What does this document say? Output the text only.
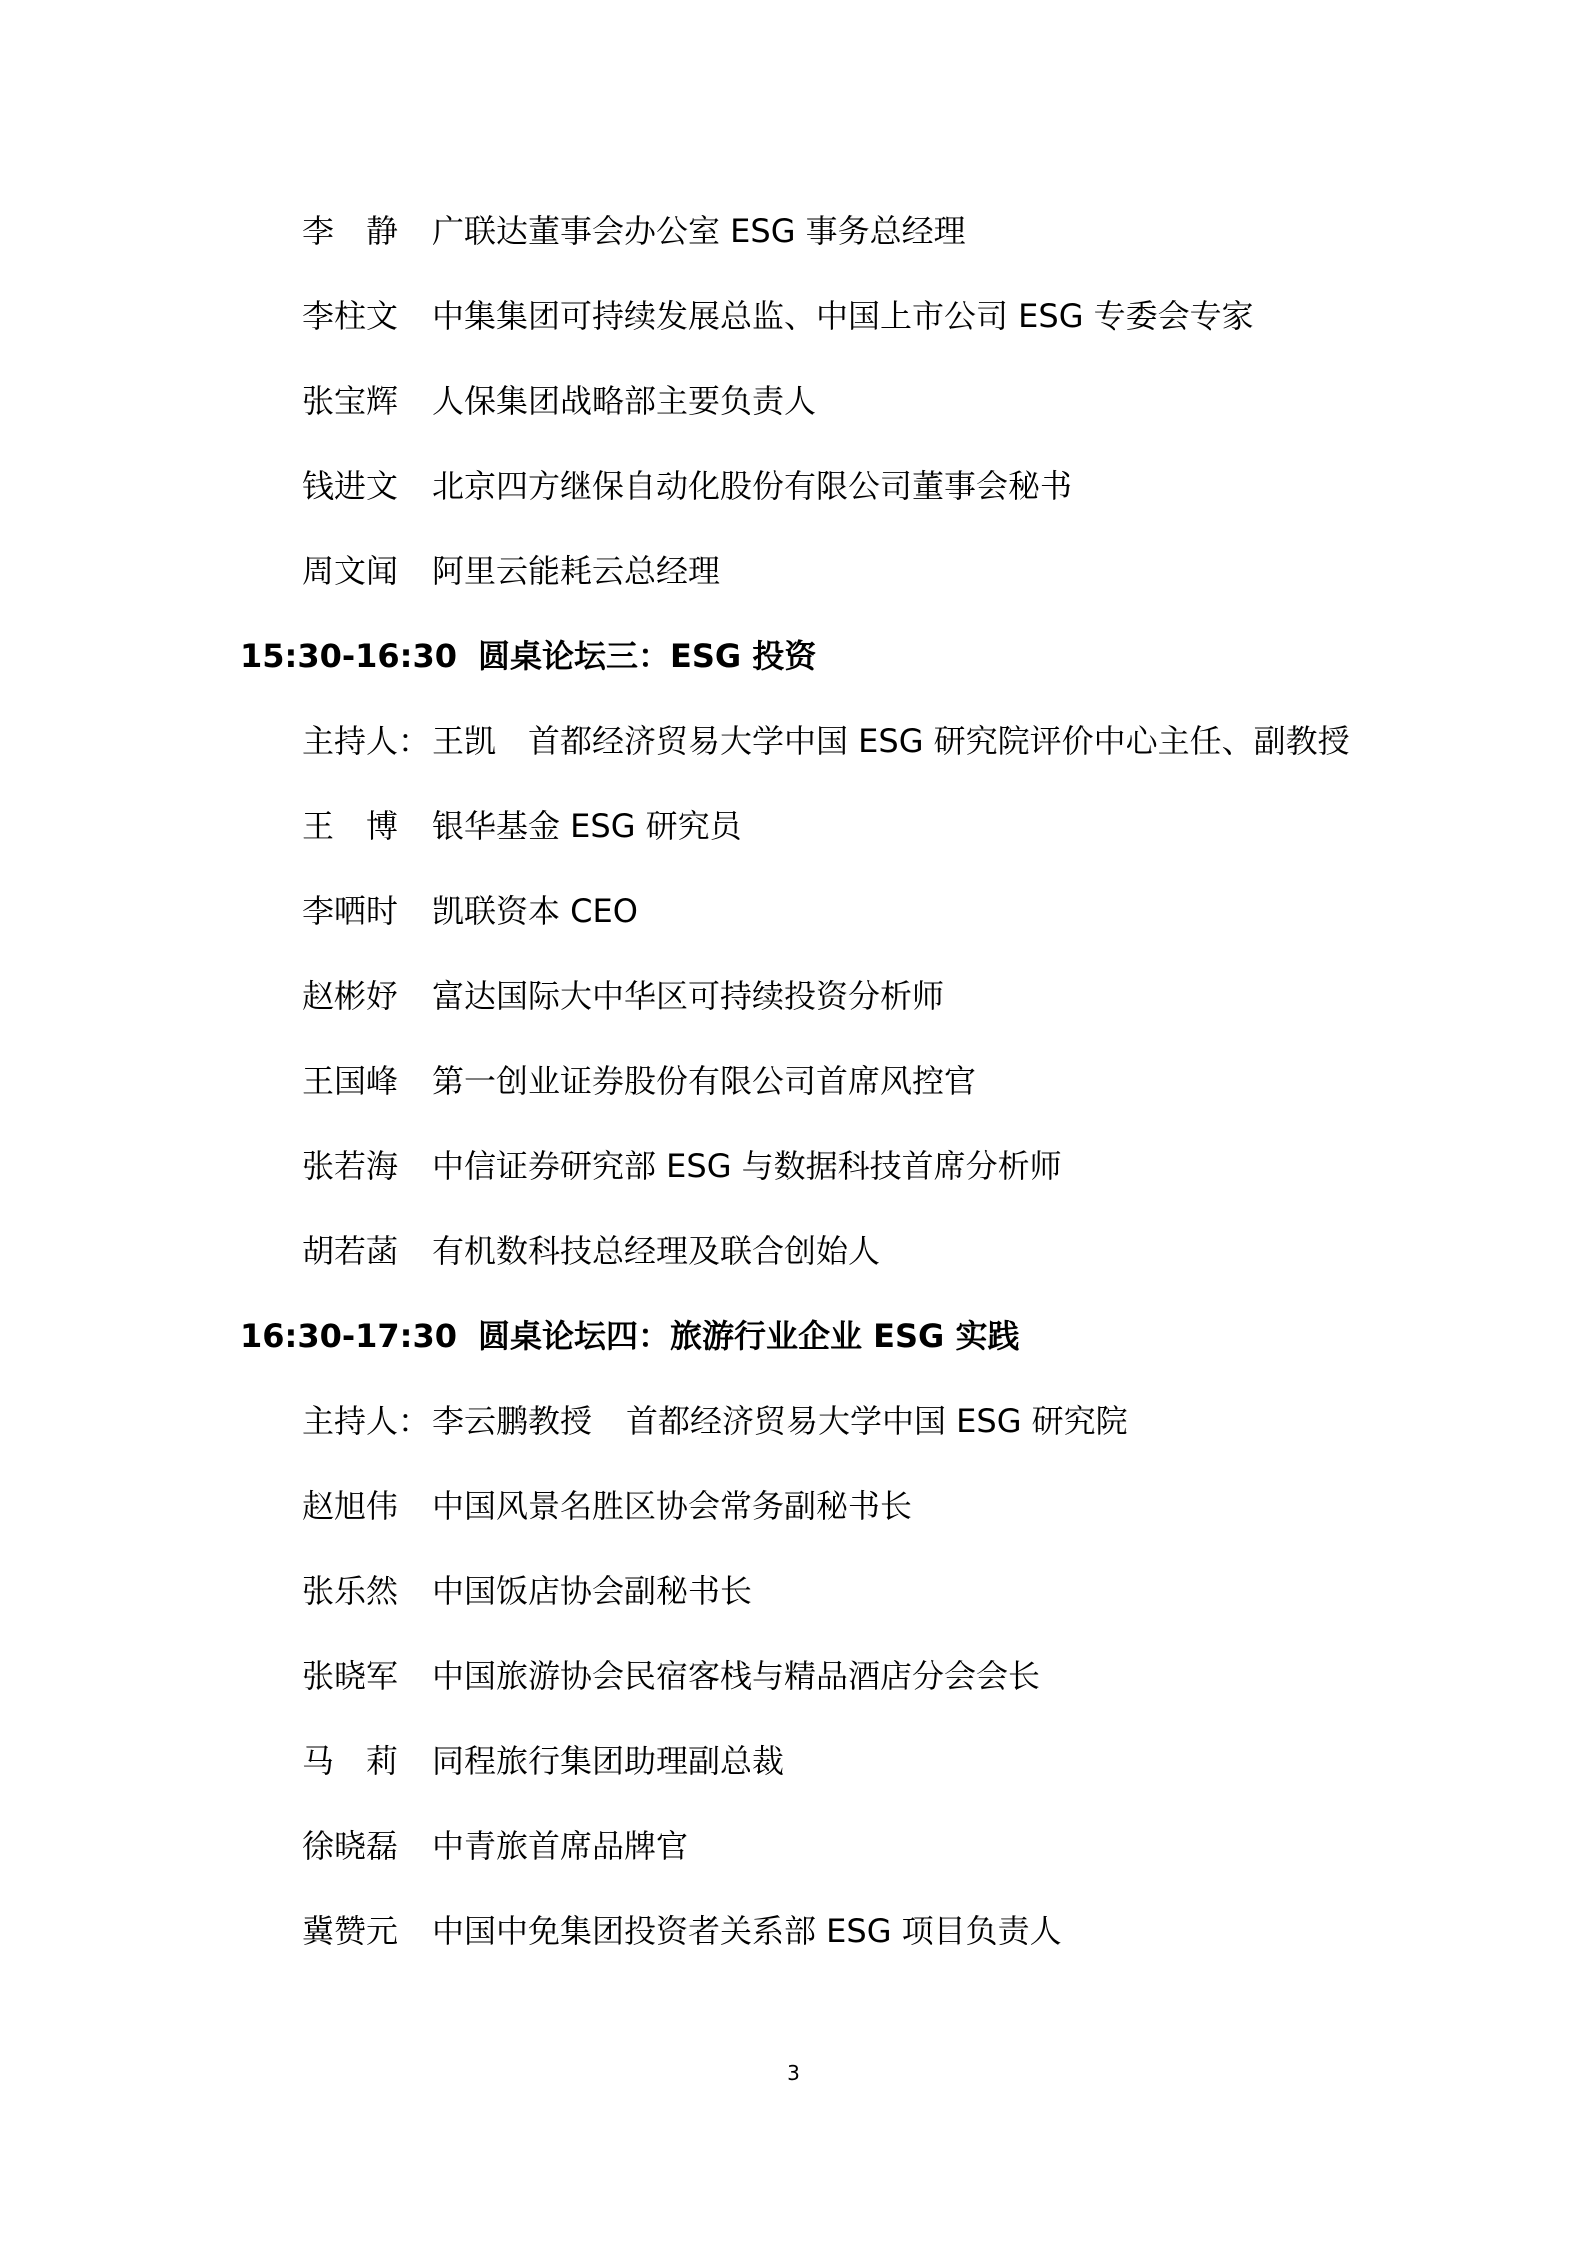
李静 广联达董事会办公室 ESG 事务总经理
李柱文 中集集团可持续发展总监、中国上市公司 ESG 专委会专家
张宝辉 人保集团战略部主要负责人
钱进文 北京四方继保自动化股份有限公司董事会秘书
周文闻 阿里云能耗云总经理
15:30-16:30 圆桌论坛三：ESG 投资
主持人： 王凯 首都经济贸易大学中国 ESG 研究院评价中心主任、副教授
王博 银华基金 ESG 研究员
李哂时 凯联资本 CEO
赵彬妤 富达国际大中华区可持续投资分析师
王国峰 第一创业证券股份有限公司首席风控官
张若海 中信证券研究部 ESG 与数据科技首席分析师
胡若菡 有机数科技总经理及联合创始人
16:30-17:30 圆桌论坛四：旅游行业企业 ESG 实践
主持人： 李云鹏教授 首都经济贸易大学中国 ESG 研究院
赵旭伟 中国风景名胜区协会常务副秘书长
张乐然 中国饭店协会副秘书长
张晓军 中国旅游协会民宿客栈与精品酒店分会会长
马莉 同程旅行集团助理副总裁
徐晓磊 中青旅首席品牌官
冀赞元 中国中免集团投资者关系部 ESG 项目负责人
3
